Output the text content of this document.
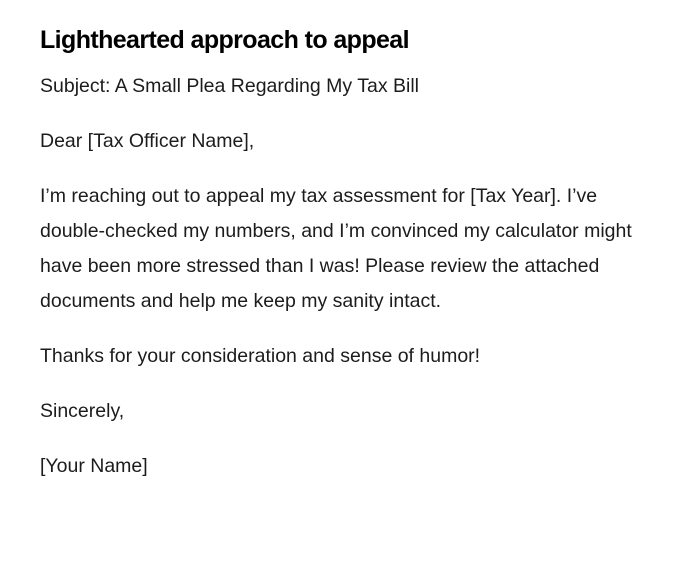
Lighthearted approach to appeal

Subject: A Small Plea Regarding My Tax Bill

Dear [Tax Officer Name],

I’m reaching out to appeal my tax assessment for [Tax Year]. I’ve double-checked my numbers, and I’m convinced my calculator might have been more stressed than I was! Please review the attached documents and help me keep my sanity intact.

Thanks for your consideration and sense of humor!

Sincerely,

[Your Name]
